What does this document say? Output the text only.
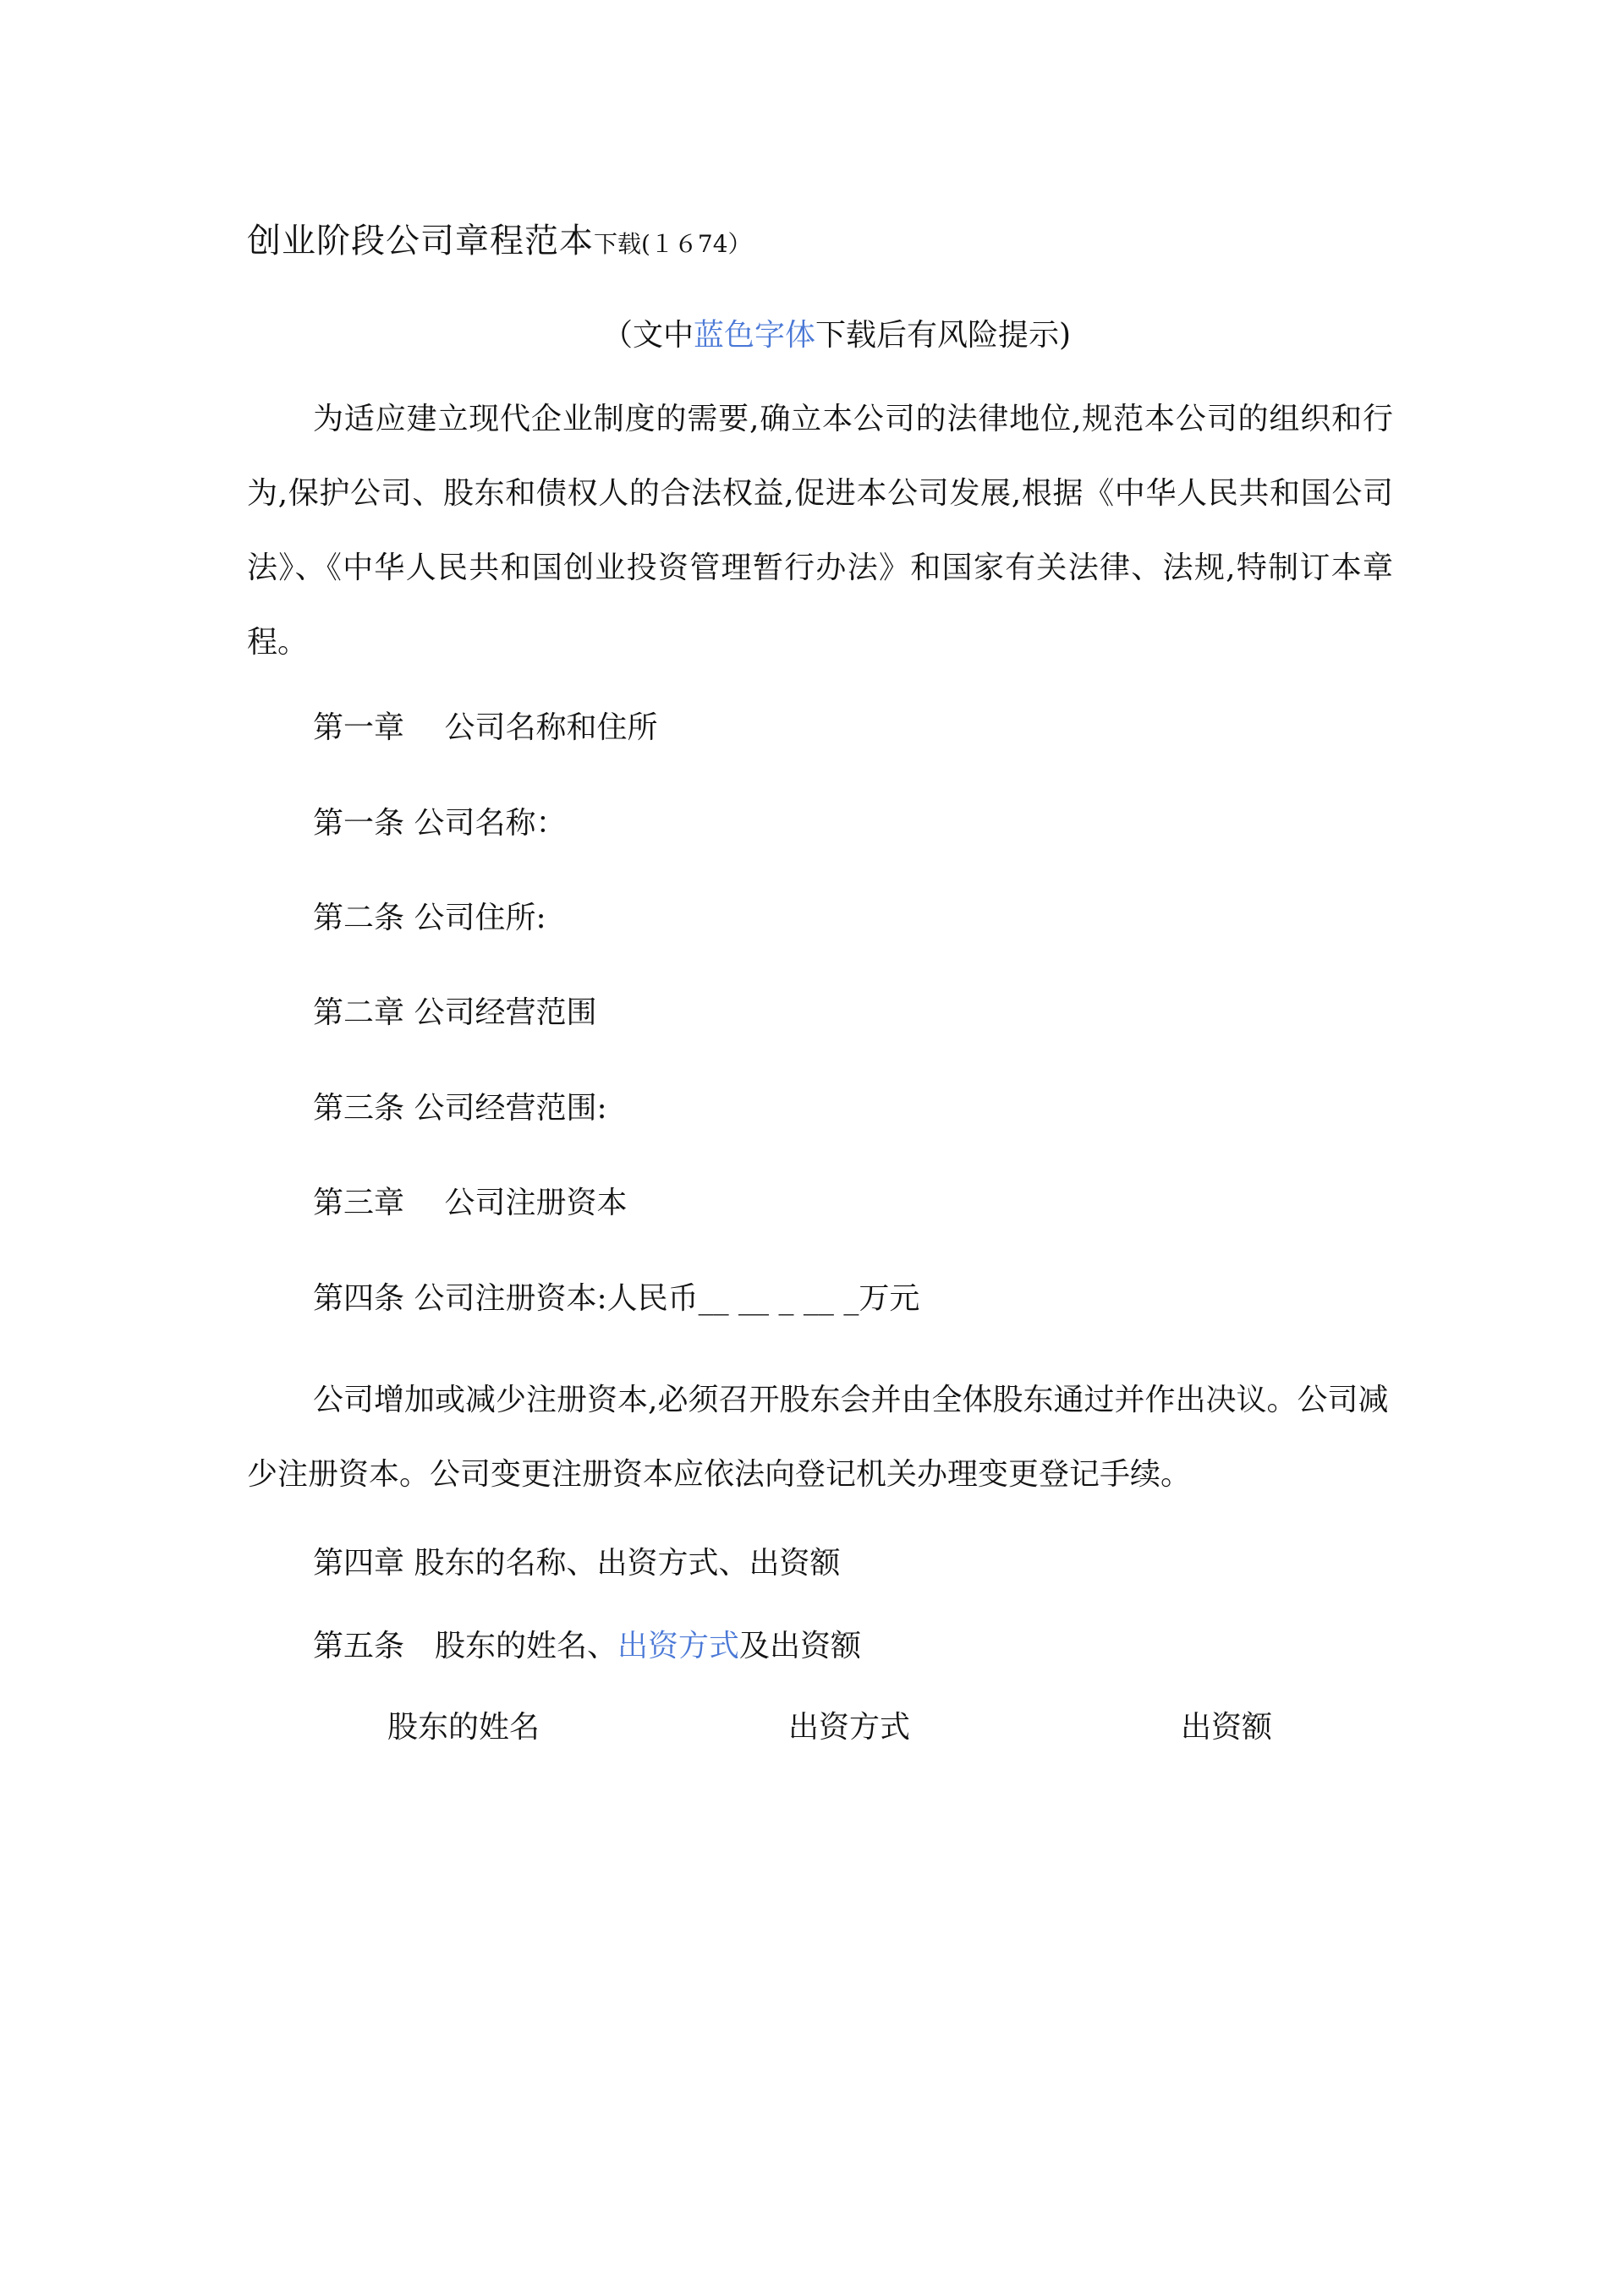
创业阶段公司章程范本下载(１６74）
（文中蓝色字体下载后有风险提示)

为适应建立现代企业制度的需要,确立本公司的法律地位,规范本公司的组织和行为,保护公司、股东和债权人的合法权益,促进本公司发展,根据《中华人民共和国公司法》、《中华人民共和国创业投资管理暂行办法》和国家有关法律、法规,特制订本章程。

第一章　 公司名称和住所
第一条 公司名称：
第二条 公司住所:
第二章 公司经营范围
第三条 公司经营范围:
第三章　 公司注册资本
第四条 公司注册资本:人民币__ __ _ __ _万元

公司增加或减少注册资本,必须召开股东会并由全体股东通过并作出决议。公司减少注册资本。公司变更注册资本应依法向登记机关办理变更登记手续。

第四章 股东的名称、出资方式、出资额
第五条　股东的姓名、出资方式及出资额
股东的姓名	出资方式	出资额
